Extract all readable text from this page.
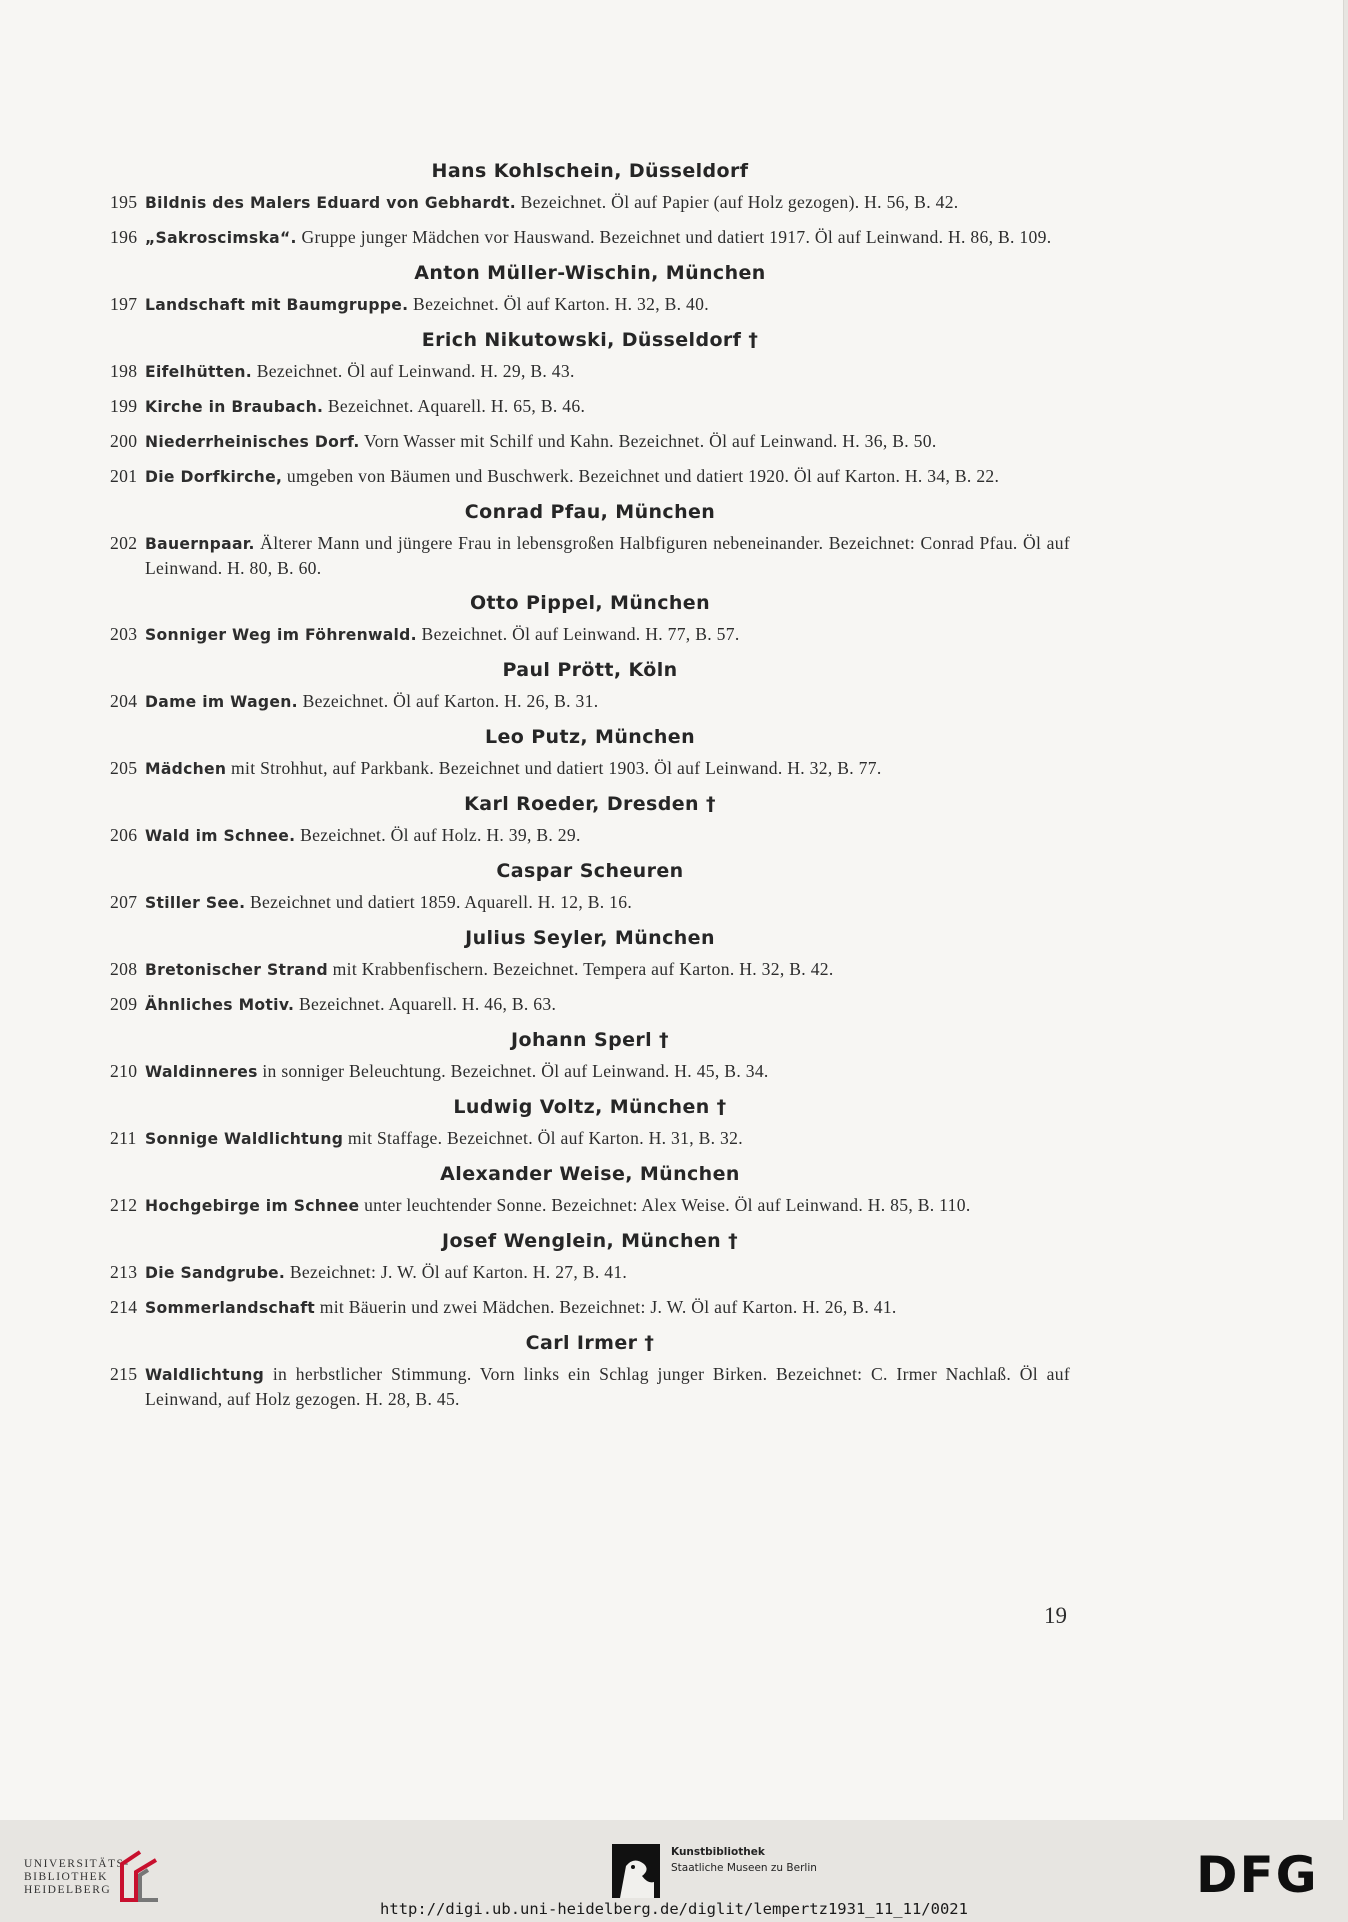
Hans Kohlschein, Düsseldorf
195 Bildnis des Malers Eduard von Gebhardt. Bezeichnet. Öl auf Papier (auf Holz gezogen). H. 56, B. 42.
196 „Sakroscimska“. Gruppe junger Mädchen vor Hauswand. Bezeichnet und datiert 1917. Öl auf Leinwand. H. 86, B. 109.
Anton Müller-Wischin, München
197 Landschaft mit Baumgruppe. Bezeichnet. Öl auf Karton. H. 32, B. 40.
Erich Nikutowski, Düsseldorf †
198 Eifelhütten. Bezeichnet. Öl auf Leinwand. H. 29, B. 43.
199 Kirche in Braubach. Bezeichnet. Aquarell. H. 65, B. 46.
200 Niederrheinisches Dorf. Vorn Wasser mit Schilf und Kahn. Bezeichnet. Öl auf Leinwand. H. 36, B. 50.
201 Die Dorfkirche, umgeben von Bäumen und Buschwerk. Bezeichnet und datiert 1920. Öl auf Karton. H. 34, B. 22.
Conrad Pfau, München
202 Bauernpaar. Älterer Mann und jüngere Frau in lebensgroßen Halbfiguren nebeneinander. Bezeichnet: Conrad Pfau. Öl auf Leinwand. H. 80, B. 60.
Otto Pippel, München
203 Sonniger Weg im Föhrenwald. Bezeichnet. Öl auf Leinwand. H. 77, B. 57.
Paul Prött, Köln
204 Dame im Wagen. Bezeichnet. Öl auf Karton. H. 26, B. 31.
Leo Putz, München
205 Mädchen mit Strohhut, auf Parkbank. Bezeichnet und datiert 1903. Öl auf Leinwand. H. 32, B. 77.
Karl Roeder, Dresden †
206 Wald im Schnee. Bezeichnet. Öl auf Holz. H. 39, B. 29.
Caspar Scheuren
207 Stiller See. Bezeichnet und datiert 1859. Aquarell. H. 12, B. 16.
Julius Seyler, München
208 Bretonischer Strand mit Krabbenfischern. Bezeichnet. Tempera auf Karton. H. 32, B. 42.
209 Ähnliches Motiv. Bezeichnet. Aquarell. H. 46, B. 63.
Johann Sperl †
210 Waldinneres in sonniger Beleuchtung. Bezeichnet. Öl auf Leinwand. H. 45, B. 34.
Ludwig Voltz, München †
211 Sonnige Waldlichtung mit Staffage. Bezeichnet. Öl auf Karton. H. 31, B. 32.
Alexander Weise, München
212 Hochgebirge im Schnee unter leuchtender Sonne. Bezeichnet: Alex Weise. Öl auf Leinwand. H. 85, B. 110.
Josef Wenglein, München †
213 Die Sandgrube. Bezeichnet: J. W. Öl auf Karton. H. 27, B. 41.
214 Sommerlandschaft mit Bäuerin und zwei Mädchen. Bezeichnet: J. W. Öl auf Karton. H. 26, B. 41.
Carl Irmer †
215 Waldlichtung in herbstlicher Stimmung. Vorn links ein Schlag junger Birken. Bezeichnet: C. Irmer Nachlaß. Öl auf Leinwand, auf Holz gezogen. H. 28, B. 45.
19
UNIVERSITÄTS-
BIBLIOTHEK
HEIDELBERG
Kunstbibliothek
Staatliche Museen zu Berlin	DFG
http://digi.ub.uni-heidelberg.de/diglit/lempertz1931_11_11/0021
